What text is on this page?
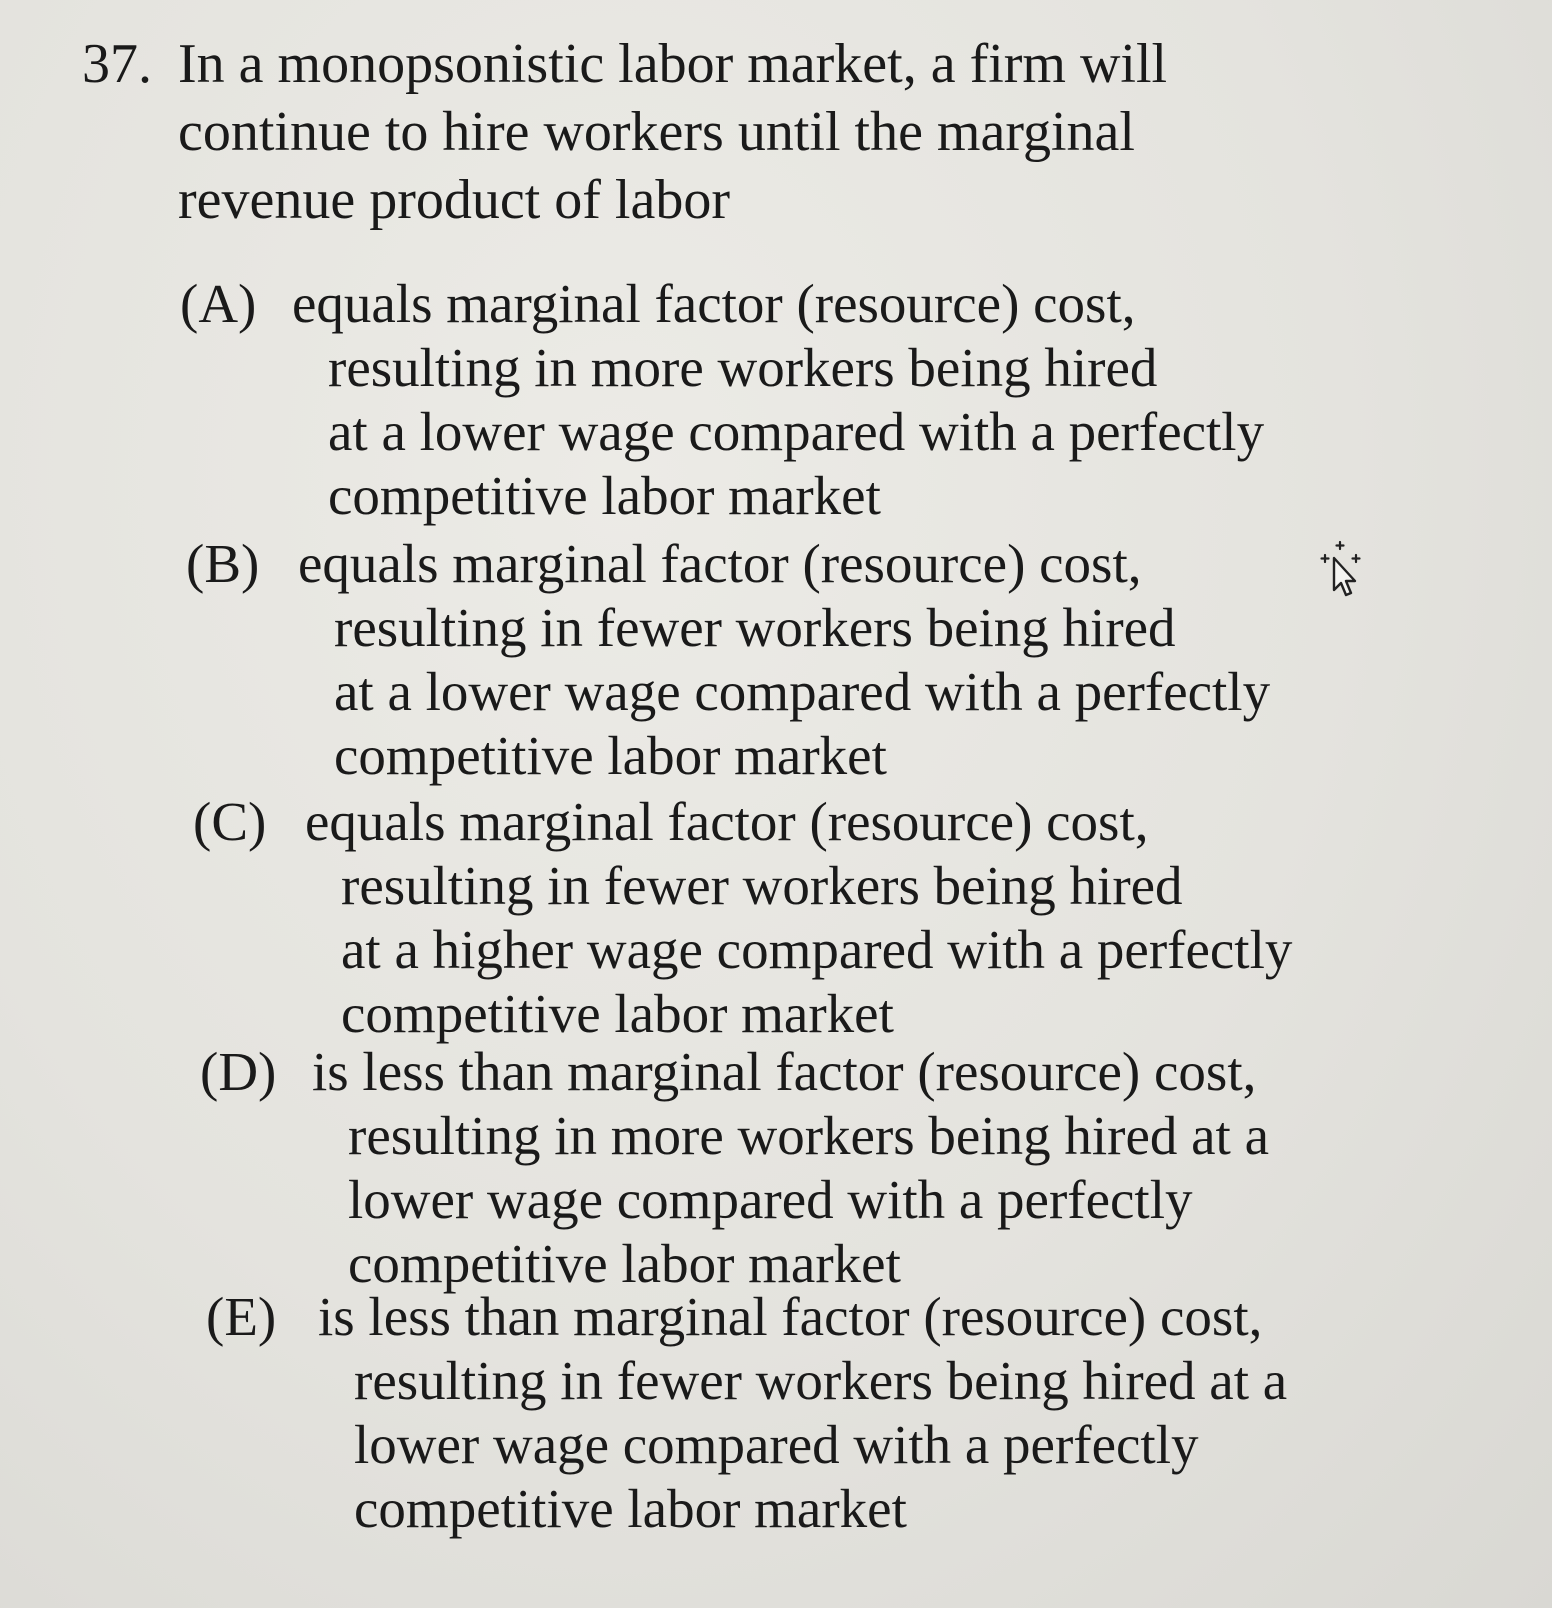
37. In a monopsonistic labor market, a firm will
continue to hire workers until the marginal
revenue product of labor
(A) equals marginal factor (resource) cost,
resulting in more workers being hired
at a lower wage compared with a perfectly
competitive labor market
(B) equals marginal factor (resource) cost,
resulting in fewer workers being hired
at a lower wage compared with a perfectly
competitive labor market
(C) equals marginal factor (resource) cost,
resulting in fewer workers being hired
at a higher wage compared with a perfectly
competitive labor market
(D) is less than marginal factor (resource) cost,
resulting in more workers being hired at a
lower wage compared with a perfectly
competitive labor market
(E) is less than marginal factor (resource) cost,
resulting in fewer workers being hired at a
lower wage compared with a perfectly
competitive labor market
